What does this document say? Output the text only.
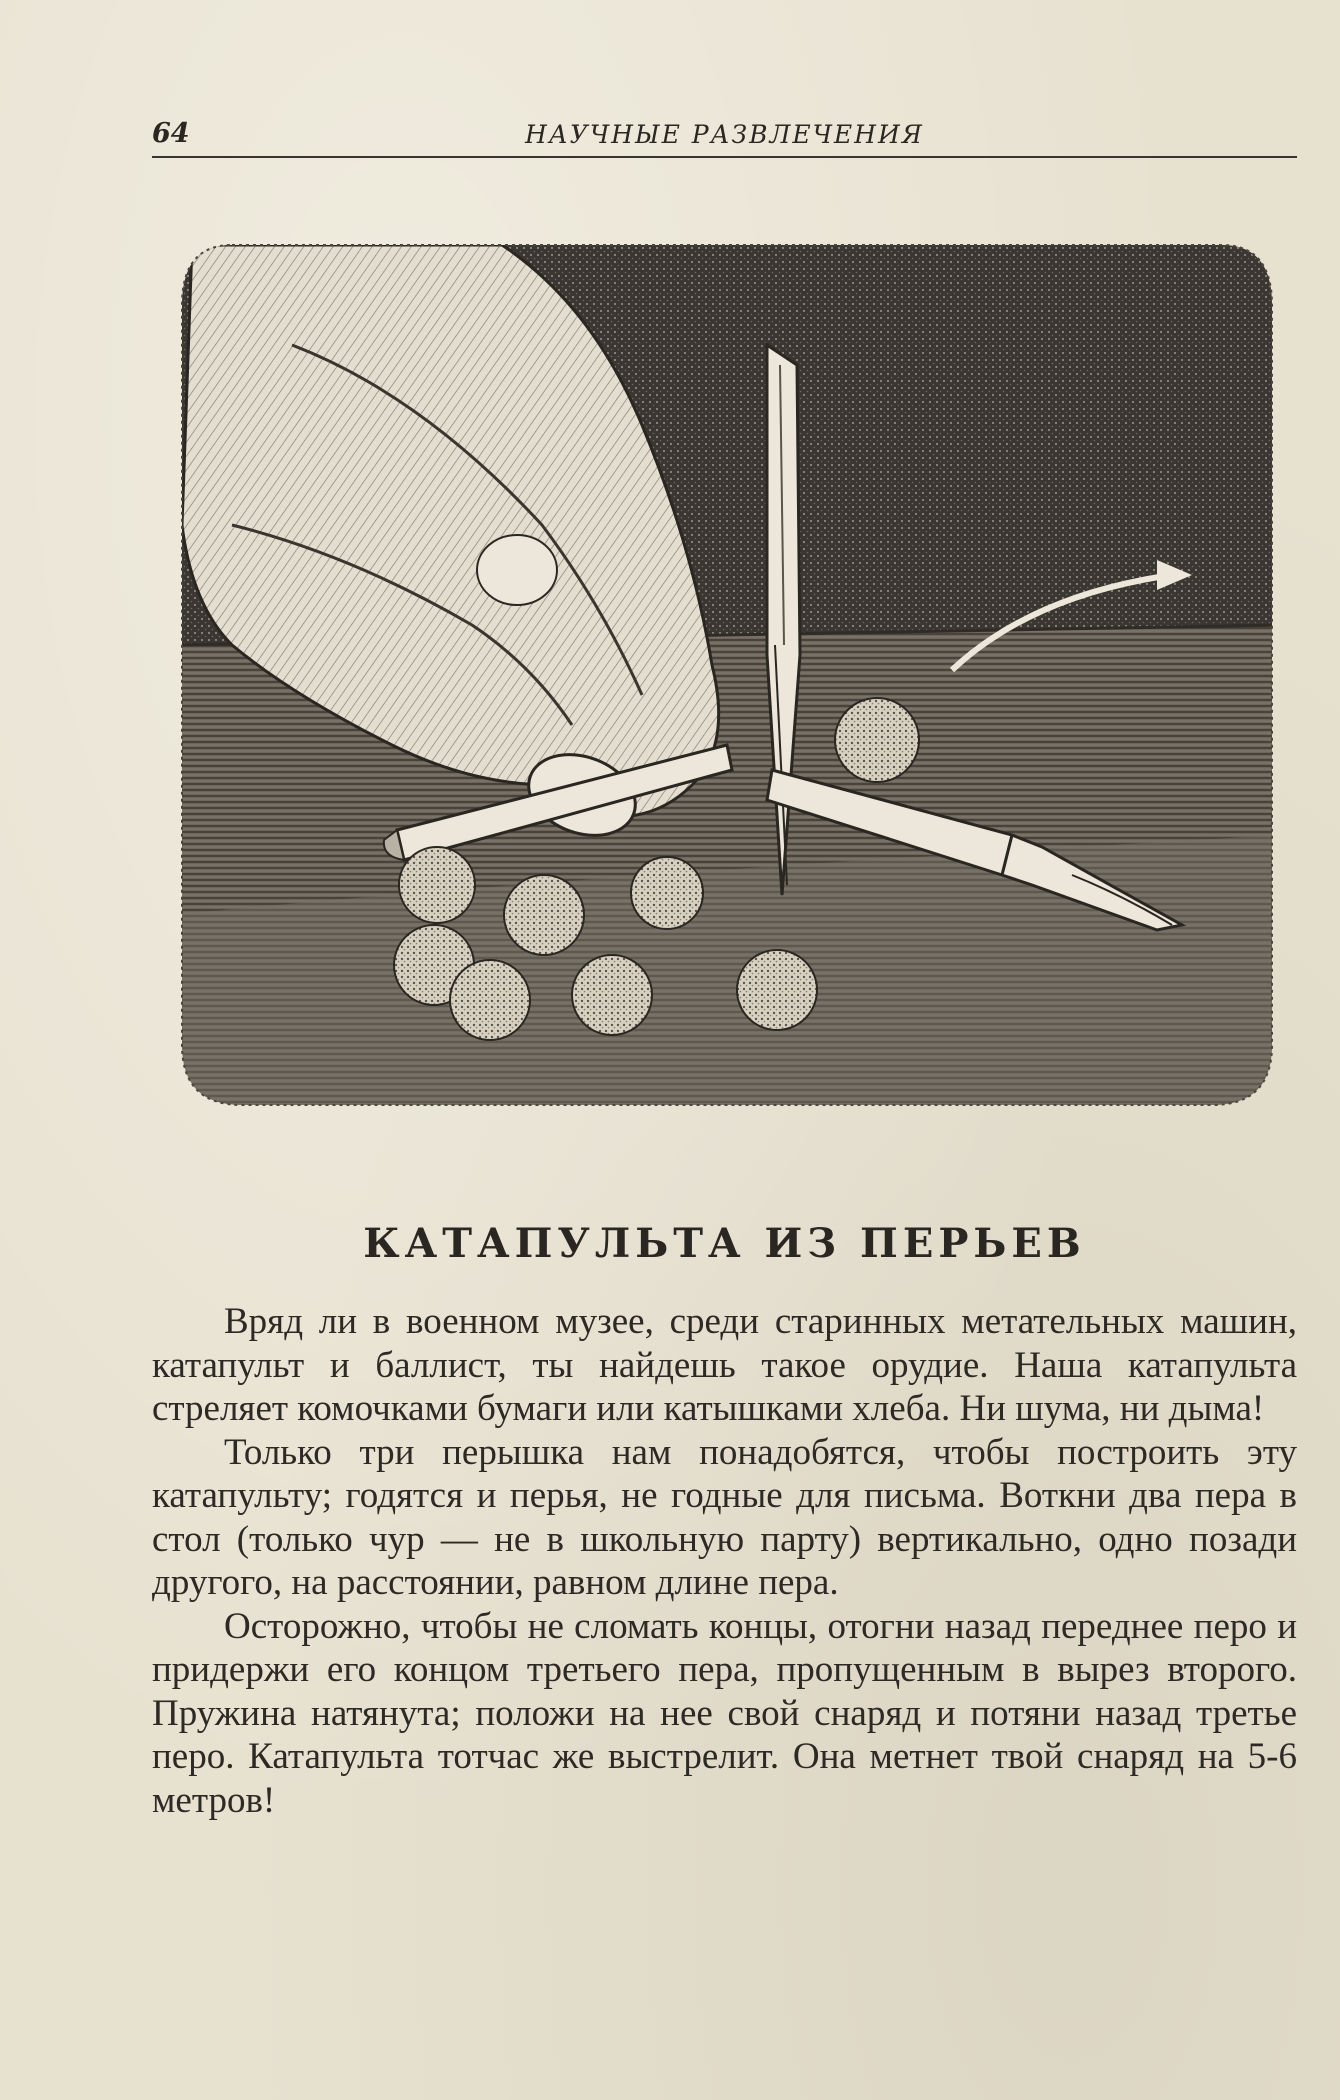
64	НАУЧНЫЕ РАЗВЛЕЧЕНИЯ
КАТАПУЛЬТА ИЗ ПЕРЬЕВ

Вряд ли в военном музее, среди старинных метательных машин, катапульт и баллист, ты найдешь такое орудие. Наша катапульта стреляет комочками бумаги или катышками хлеба. Ни шума, ни дыма!

Только три перышка нам понадобятся, чтобы построить эту катапульту; годятся и перья, не годные для письма. Воткни два пера в стол (только чур — не в школьную парту) вертикально, одно позади другого, на расстоянии, равном длине пера.

Осторожно, чтобы не сломать концы, отогни назад переднее перо и придержи его концом третьего пера, пропущенным в вырез второго. Пружина натянута; положи на нее свой снаряд и потяни назад третье перо. Катапульта тотчас же выстрелит. Она метнет твой снаряд на 5-6 метров!
